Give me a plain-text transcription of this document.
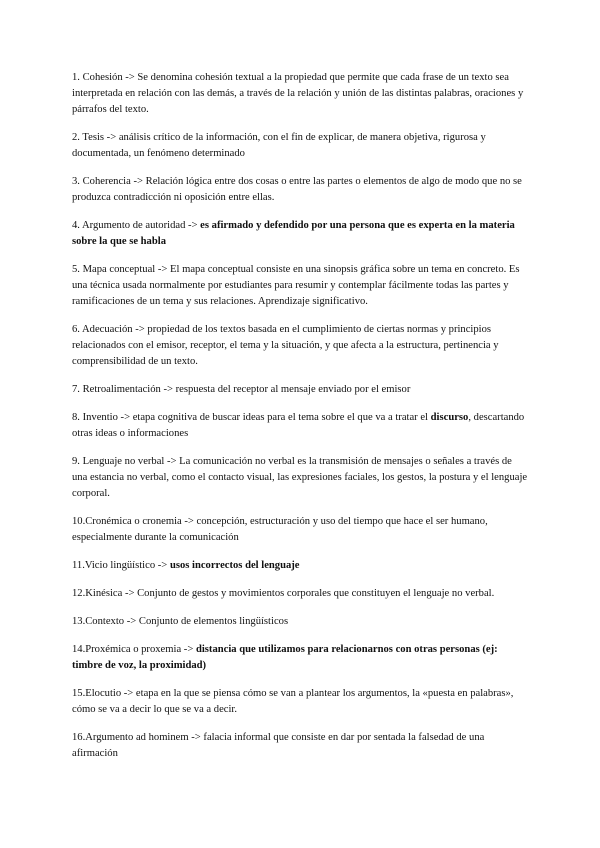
1. Cohesión -> Se denomina cohesión textual a la propiedad que permite que cada frase de un texto sea interpretada en relación con las demás, a través de la relación y unión de las distintas palabras, oraciones y párrafos del texto.

2. Tesis -> análisis crítico de la información, con el fin de explicar, de manera objetiva, rigurosa y documentada, un fenómeno determinado

3. Coherencia -> Relación lógica entre dos cosas o entre las partes o elementos de algo de modo que no se produzca contradicción ni oposición entre ellas.

4. Argumento de autoridad -> es afirmado y defendido por una persona que es experta en la materia sobre la que se habla

5. Mapa conceptual -> El mapa conceptual consiste en una sinopsis gráfica sobre un tema en concreto. Es una técnica usada normalmente por estudiantes para resumir y contemplar fácilmente todas las partes y ramificaciones de un tema y sus relaciones. Aprendizaje significativo.

6. Adecuación -> propiedad de los textos basada en el cumplimiento de ciertas normas y principios relacionados con el emisor, receptor, el tema y la situación, y que afecta a la estructura, pertinencia y comprensibilidad de un texto.

7. Retroalimentación -> respuesta del receptor al mensaje enviado por el emisor

8. Inventio -> etapa cognitiva de buscar ideas para el tema sobre el que va a tratar el discurso, descartando otras ideas o informaciones

9. Lenguaje no verbal -> La comunicación no verbal es la transmisión de mensajes o señales a través de una estancia no verbal, como el contacto visual, las expresiones faciales, los gestos, la postura y el lenguaje corporal.

10.Cronémica o cronemia -> concepción, estructuración y uso del tiempo que hace el ser humano, especialmente durante la comunicación

11.Vicio lingüístico -> usos incorrectos del lenguaje

12.Kinésica -> Conjunto de gestos y movimientos corporales que constituyen el lenguaje no verbal.

13.Contexto -> Conjunto de elementos lingüísticos

14.Proxémica o proxemia -> distancia que utilizamos para relacionarnos con otras personas (ej: timbre de voz, la proximidad)

15.Elocutio -> etapa en la que se piensa cómo se van a plantear los argumentos, la «puesta en palabras», cómo se va a decir lo que se va a decir.

16.Argumento ad hominem -> falacia informal que consiste en dar por sentada la falsedad de una afirmación
